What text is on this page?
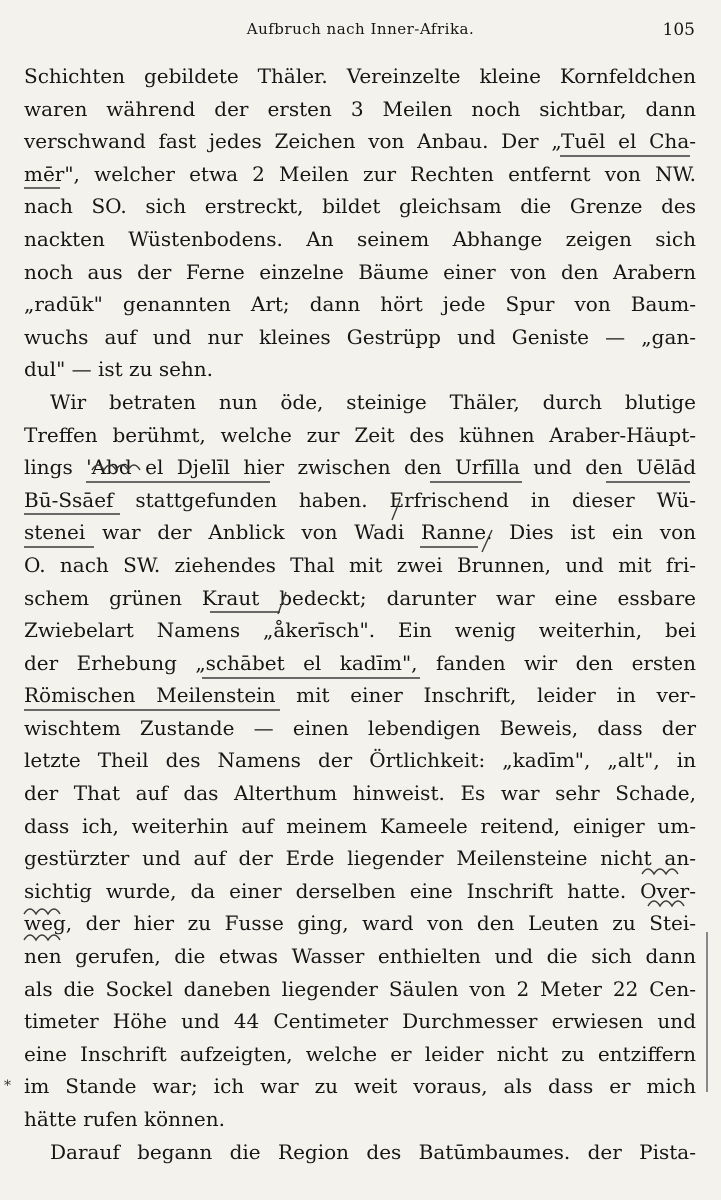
Aufbruch nach Inner-Afrika.	105
Schichten gebildete Thäler. Vereinzelte kleine Kornfeldchen
waren während der ersten 3 Meilen noch sichtbar, dann
verschwand fast jedes Zeichen von Anbau. Der „Tuēl el Cha-
mēr", welcher etwa 2 Meilen zur Rechten entfernt von NW.
nach SO. sich erstreckt, bildet gleichsam die Grenze des
nackten Wüstenbodens. An seinem Abhange zeigen sich
noch aus der Ferne einzelne Bäume einer von den Arabern
„radūk" genannten Art; dann hört jede Spur von Baum-
wuchs auf und nur kleines Gestrüpp und Geniste — „gan-
dul" — ist zu sehn.
Wir betraten nun öde, steinige Thäler, durch blutige
Treffen berühmt, welche zur Zeit des kühnen Araber-Häupt-
lings 'Abd el Djelīl hier zwischen den Urfīlla und den Uēlād
Bū-Ssāef stattgefunden haben. Erfrischend in dieser Wü-
stenei war der Anblick von Wadi Ranne. Dies ist ein von
O. nach SW. ziehendes Thal mit zwei Brunnen, und mit fri-
schem grünen Kraut bedeckt; darunter war eine essbare
Zwiebelart Namens „åkerīsch". Ein wenig weiterhin, bei
der Erhebung „schābet el kadīm", fanden wir den ersten
Römischen Meilenstein mit einer Inschrift, leider in ver-
wischtem Zustande — einen lebendigen Beweis, dass der
letzte Theil des Namens der Örtlichkeit: „kadīm", „alt", in
der That auf das Alterthum hinweist. Es war sehr Schade,
dass ich, weiterhin auf meinem Kameele reitend, einiger um-
gestürzter und auf der Erde liegender Meilensteine nicht an-
sichtig wurde, da einer derselben eine Inschrift hatte. Over-
weg, der hier zu Fusse ging, ward von den Leuten zu Stei-
nen gerufen, die etwas Wasser enthielten und die sich dann
als die Sockel daneben liegender Säulen von 2 Meter 22 Cen-
timeter Höhe und 44 Centimeter Durchmesser erwiesen und
eine Inschrift aufzeigten, welche er leider nicht zu entziffern
im Stande war; ich war zu weit voraus, als dass er mich
hätte rufen können.
Darauf begann die Region des Batūmbaumes. der Pista-
*
